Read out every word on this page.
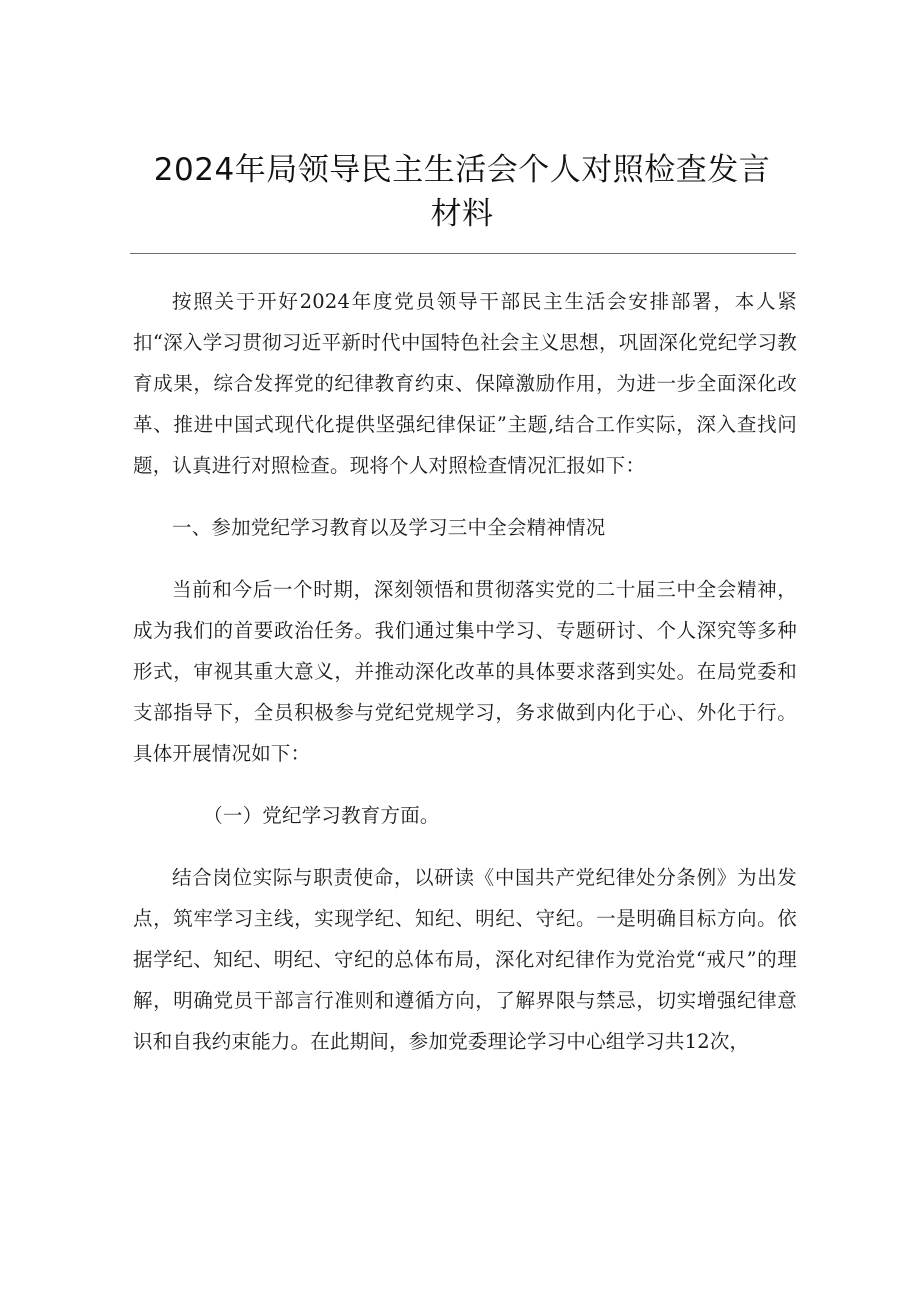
2024年局领导民主生活会个人对照检查发言
材料

按照关于开好2024年度党员领导干部民主生活会安排部署，本人紧扣“深入学习贯彻习近平新时代中国特色社会主义思想，巩固深化党纪学习教育成果，综合发挥党的纪律教育约束、保障激励作用，为进一步全面深化改革、推进中国式现代化提供坚强纪律保证”主题,结合工作实际，深入查找问题，认真进行对照检查。现将个人对照检查情况汇报如下：

一、参加党纪学习教育以及学习三中全会精神情况

当前和今后一个时期，深刻领悟和贯彻落实党的二十届三中全会精神，成为我们的首要政治任务。我们通过集中学习、专题研讨、个人深究等多种形式，审视其重大意义，并推动深化改革的具体要求落到实处。在局党委和支部指导下，全员积极参与党纪党规学习，务求做到内化于心、外化于行。具体开展情况如下：

（一）党纪学习教育方面。

结合岗位实际与职责使命，以研读《中国共产党纪律处分条例》为出发点，筑牢学习主线，实现学纪、知纪、明纪、守纪。一是明确目标方向。依据学纪、知纪、明纪、守纪的总体布局，深化对纪律作为党治党“戒尺”的理解，明确党员干部言行准则和遵循方向，了解界限与禁忌，切实增强纪律意识和自我约束能力。在此期间，参加党委理论学习中心组学习共12次，
